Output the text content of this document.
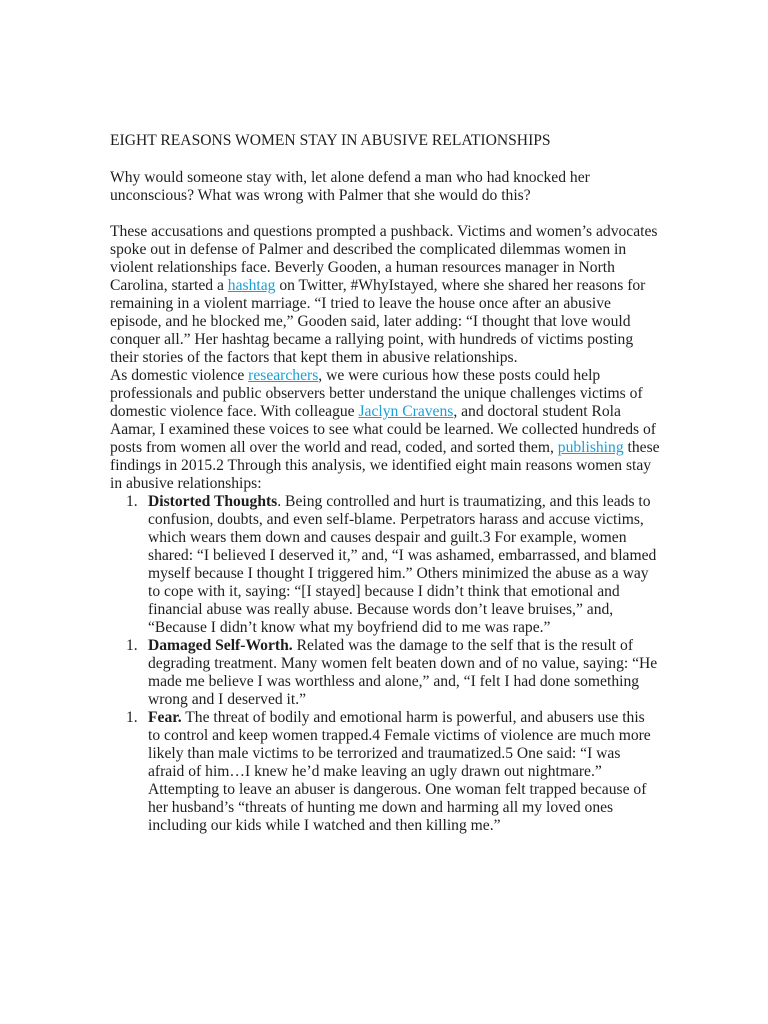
EIGHT REASONS WOMEN STAY IN ABUSIVE RELATIONSHIPS

Why would someone stay with, let alone defend a man who had knocked her unconscious? What was wrong with Palmer that she would do this?

These accusations and questions prompted a pushback. Victims and women’s advocates spoke out in defense of Palmer and described the complicated dilemmas women in violent relationships face. Beverly Gooden, a human resources manager in North Carolina, started a hashtag on Twitter, #WhyIstayed, where she shared her reasons for remaining in a violent marriage. “I tried to leave the house once after an abusive episode, and he blocked me,” Gooden said, later adding: “I thought that love would conquer all.” Her hashtag became a rallying point, with hundreds of victims posting their stories of the factors that kept them in abusive relationships.

As domestic violence researchers, we were curious how these posts could help professionals and public observers better understand the unique challenges victims of domestic violence face. With colleague Jaclyn Cravens, and doctoral student Rola Aamar, I examined these voices to see what could be learned. We collected hundreds of posts from women all over the world and read, coded, and sorted them, publishing these findings in 2015.2 Through this analysis, we identified eight main reasons women stay in abusive relationships:

1. Distorted Thoughts. Being controlled and hurt is traumatizing, and this leads to confusion, doubts, and even self-blame. Perpetrators harass and accuse victims, which wears them down and causes despair and guilt.3 For example, women shared: “I believed I deserved it,” and, “I was ashamed, embarrassed, and blamed myself because I thought I triggered him.” Others minimized the abuse as a way to cope with it, saying: “[I stayed] because I didn’t think that emotional and financial abuse was really abuse. Because words don’t leave bruises,” and, “Because I didn’t know what my boyfriend did to me was rape.”
1. Damaged Self-Worth. Related was the damage to the self that is the result of degrading treatment. Many women felt beaten down and of no value, saying: “He made me believe I was worthless and alone,” and, “I felt I had done something wrong and I deserved it.”
1. Fear. The threat of bodily and emotional harm is powerful, and abusers use this to control and keep women trapped.4 Female victims of violence are much more likely than male victims to be terrorized and traumatized.5 One said: “I was afraid of him…I knew he’d make leaving an ugly drawn out nightmare.” Attempting to leave an abuser is dangerous. One woman felt trapped because of her husband’s “threats of hunting me down and harming all my loved ones including our kids while I watched and then killing me.”
